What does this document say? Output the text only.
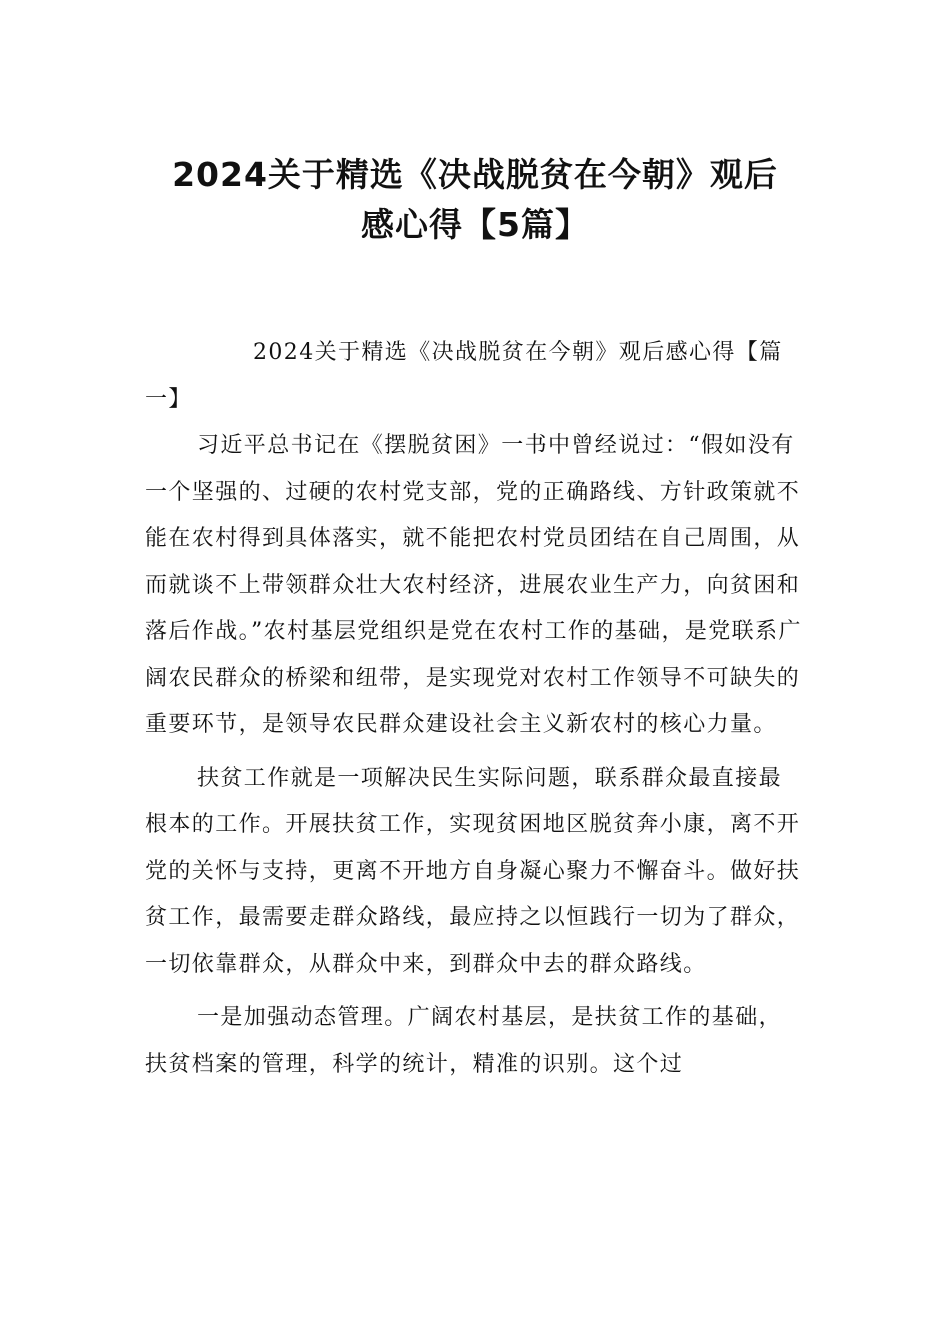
2024关于精选《决战脱贫在今朝》观后
感心得【5篇】

2024关于精选《决战脱贫在今朝》观后感心得【篇一】

习近平总书记在《摆脱贫困》一书中曾经说过：“假如没有一个坚强的、过硬的农村党支部，党的正确路线、方针政策就不能在农村得到具体落实，就不能把农村党员团结在自己周围，从而就谈不上带领群众壮大农村经济，进展农业生产力，向贫困和落后作战。”农村基层党组织是党在农村工作的基础，是党联系广阔农民群众的桥梁和纽带，是实现党对农村工作领导不可缺失的重要环节，是领导农民群众建设社会主义新农村的核心力量。

扶贫工作就是一项解决民生实际问题，联系群众最直接最根本的工作。开展扶贫工作，实现贫困地区脱贫奔小康，离不开党的关怀与支持，更离不开地方自身凝心聚力不懈奋斗。做好扶贫工作，最需要走群众路线，最应持之以恒践行一切为了群众，一切依靠群众，从群众中来，到群众中去的群众路线。

一是加强动态管理。广阔农村基层，是扶贫工作的基础，扶贫档案的管理，科学的统计，精准的识别。这个过
